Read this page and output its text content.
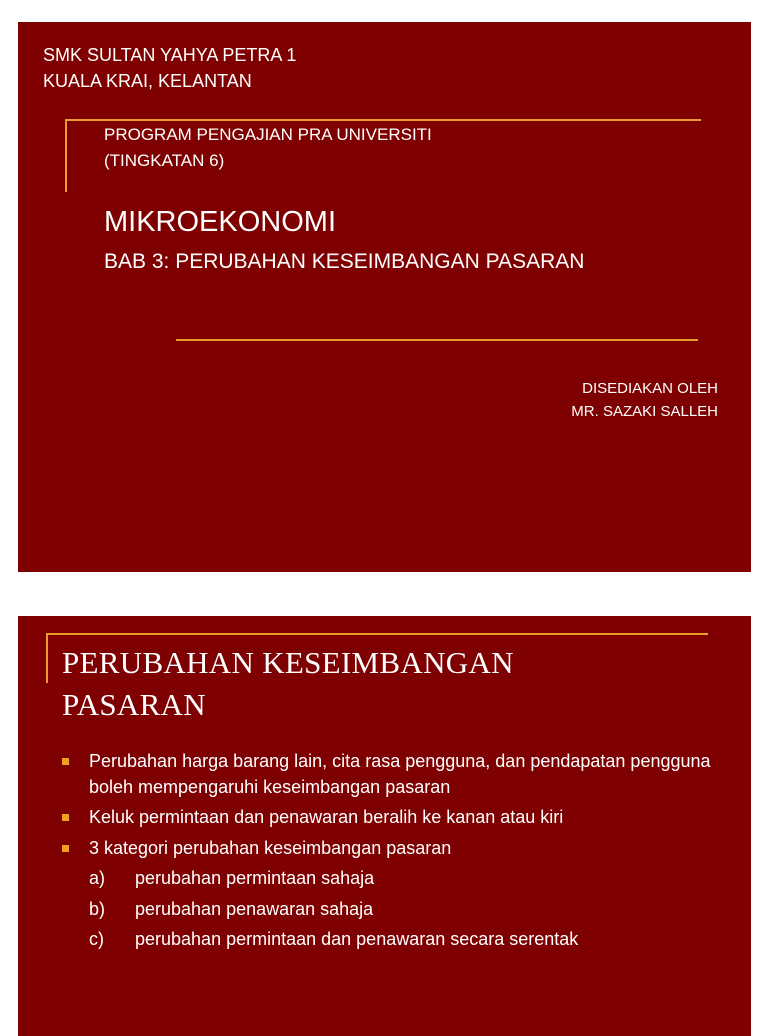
SMK SULTAN YAHYA PETRA 1
KUALA KRAI, KELANTAN
PROGRAM PENGAJIAN PRA UNIVERSITI
(TINGKATAN 6)
MIKROEKONOMI
BAB 3: PERUBAHAN KESEIMBANGAN PASARAN
DISEDIAKAN OLEH
MR. SAZAKI SALLEH
PERUBAHAN KESEIMBANGAN
PASARAN
Perubahan harga barang lain, cita rasa pengguna, dan pendapatan pengguna boleh mempengaruhi keseimbangan pasaran
Keluk permintaan dan penawaran beralih ke kanan atau kiri
3 kategori perubahan keseimbangan pasaran
a) perubahan permintaan sahaja
b) perubahan penawaran sahaja
c) perubahan permintaan dan penawaran secara serentak
